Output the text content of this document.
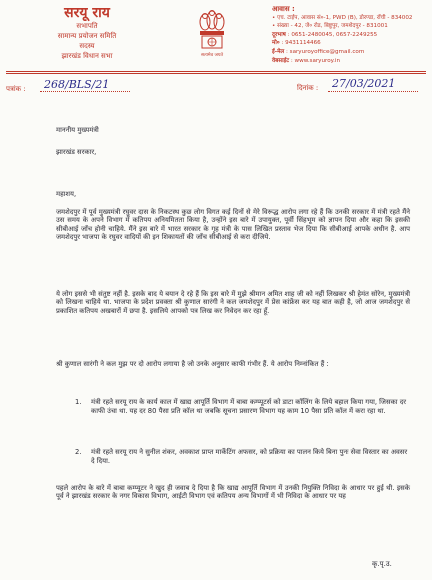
सरयू राय
सभापति
सामान्य प्रयोजन समिति
सदस्य
झारखंड विधान सभा	सत्यमेव जयते
आवास :
• एच. टाईप, आवास सं०-1, PWD (B), डोरण्डा, राँची - 834002
• संख्या - 42, जे० रोड, बिष्टुपुर, जमशेदपुर - 831001
दूरभाष : 0651-2480045, 0657-2249255
मो० : 9431114466
ई-मेल : saryuroyoffice@gmail.com
वेबसाईट : www.saryuroy.in
पत्रांक : 268/BLS/21	दिनांक : 27/03/2021
माननीय मुख्यमंत्री
झारखंड सरकार,
महाशय,
जमशेदपुर में पूर्व मुख्यमंत्री रघुवर दास के निकटस्थ कुछ लोग विगत कई दिनों से मेरे विरूद्ध आरोप लगा रहे हैं कि उनकी सरकार में मंत्री रहते मैंने उस समय के अपने विभाग में कतिपय अनियमितता किया है, उन्होंने इस बारे में उपायुक्त, पूर्वी सिंहभूम को ज्ञापन दिया और कहा कि इसकी सीबीआई जाँच होनी चाहिये. मैंने इस बारे में भारत सरकार के गृह मंत्री के पास लिखित प्रस्ताव भेज दिया कि सीबीआई आपके अधीन है. आप जमशेदपुर भाजपा के रघुवर वादियों की इन शिकायतों की जाँच सीबीआई से करा दीजिये.
ये लोग इससे भी संतुष्ट नहीं है. इसके बाद ये बयान दे रहे हैं कि इस बारे में मुझे श्रीमान अमित शाह जी को नहीं लिखकर श्री हेमंत सोरेन, मुख्यमंत्री को लिखना चाहिये था. भाजपा के प्रदेश प्रवक्ता श्री कुणाल सारंगी ने कल जमशेदपुर में प्रेस कांफ्रेंस कर यह बात कही है, जो आज जमशेदपुर से प्रकाशित कतिपय अखबारों में छपा है. इसलिये आपको पत्र लिख कर निवेदन कर रहा हूँ.
श्री कुणाल सारंगी ने कल मुझ पर दो आरोप लगाया है जो उनके अनुसार काफी गंभीर हैं. ये आरोप निम्नांकित हैं :
1. मंत्री रहते सरयू राय के कार्य काल में खाद्य आपूर्ति विभाग में बाबा कम्प्यूटर्स को डाटा कॉलिंग के लिये बहाल किया गया, जिसका दर काफी उंचा था. यह दर 80 पैसा प्रति कॉल था जबकि सूचना प्रसारण विभाग यह काम 10 पैसा प्रति कॉल में करा रहा था.
2. मंत्री रहते सरयू राय ने सुनील शंकर, अवकाश प्राप्त मार्केटिंग अफसर, को प्रक्रिया का पालन किये बिना पुनः सेवा विस्तार का अवसर दे दिया.
पहले आरोप के बारे में बाबा कम्प्यूटर ने खुद ही जवाब दे दिया है कि खाद्य आपूर्ति विभाग में उनकी नियुक्ति निविदा के आधार पर हुई थी. इसके पूर्व ने झारखंड सरकार के नगर विकास विभाग, आईटी विभाग एवं कतिपय अन्य विभागों में भी निविदा के आधार पर यह
कृ.पृ.उ.
